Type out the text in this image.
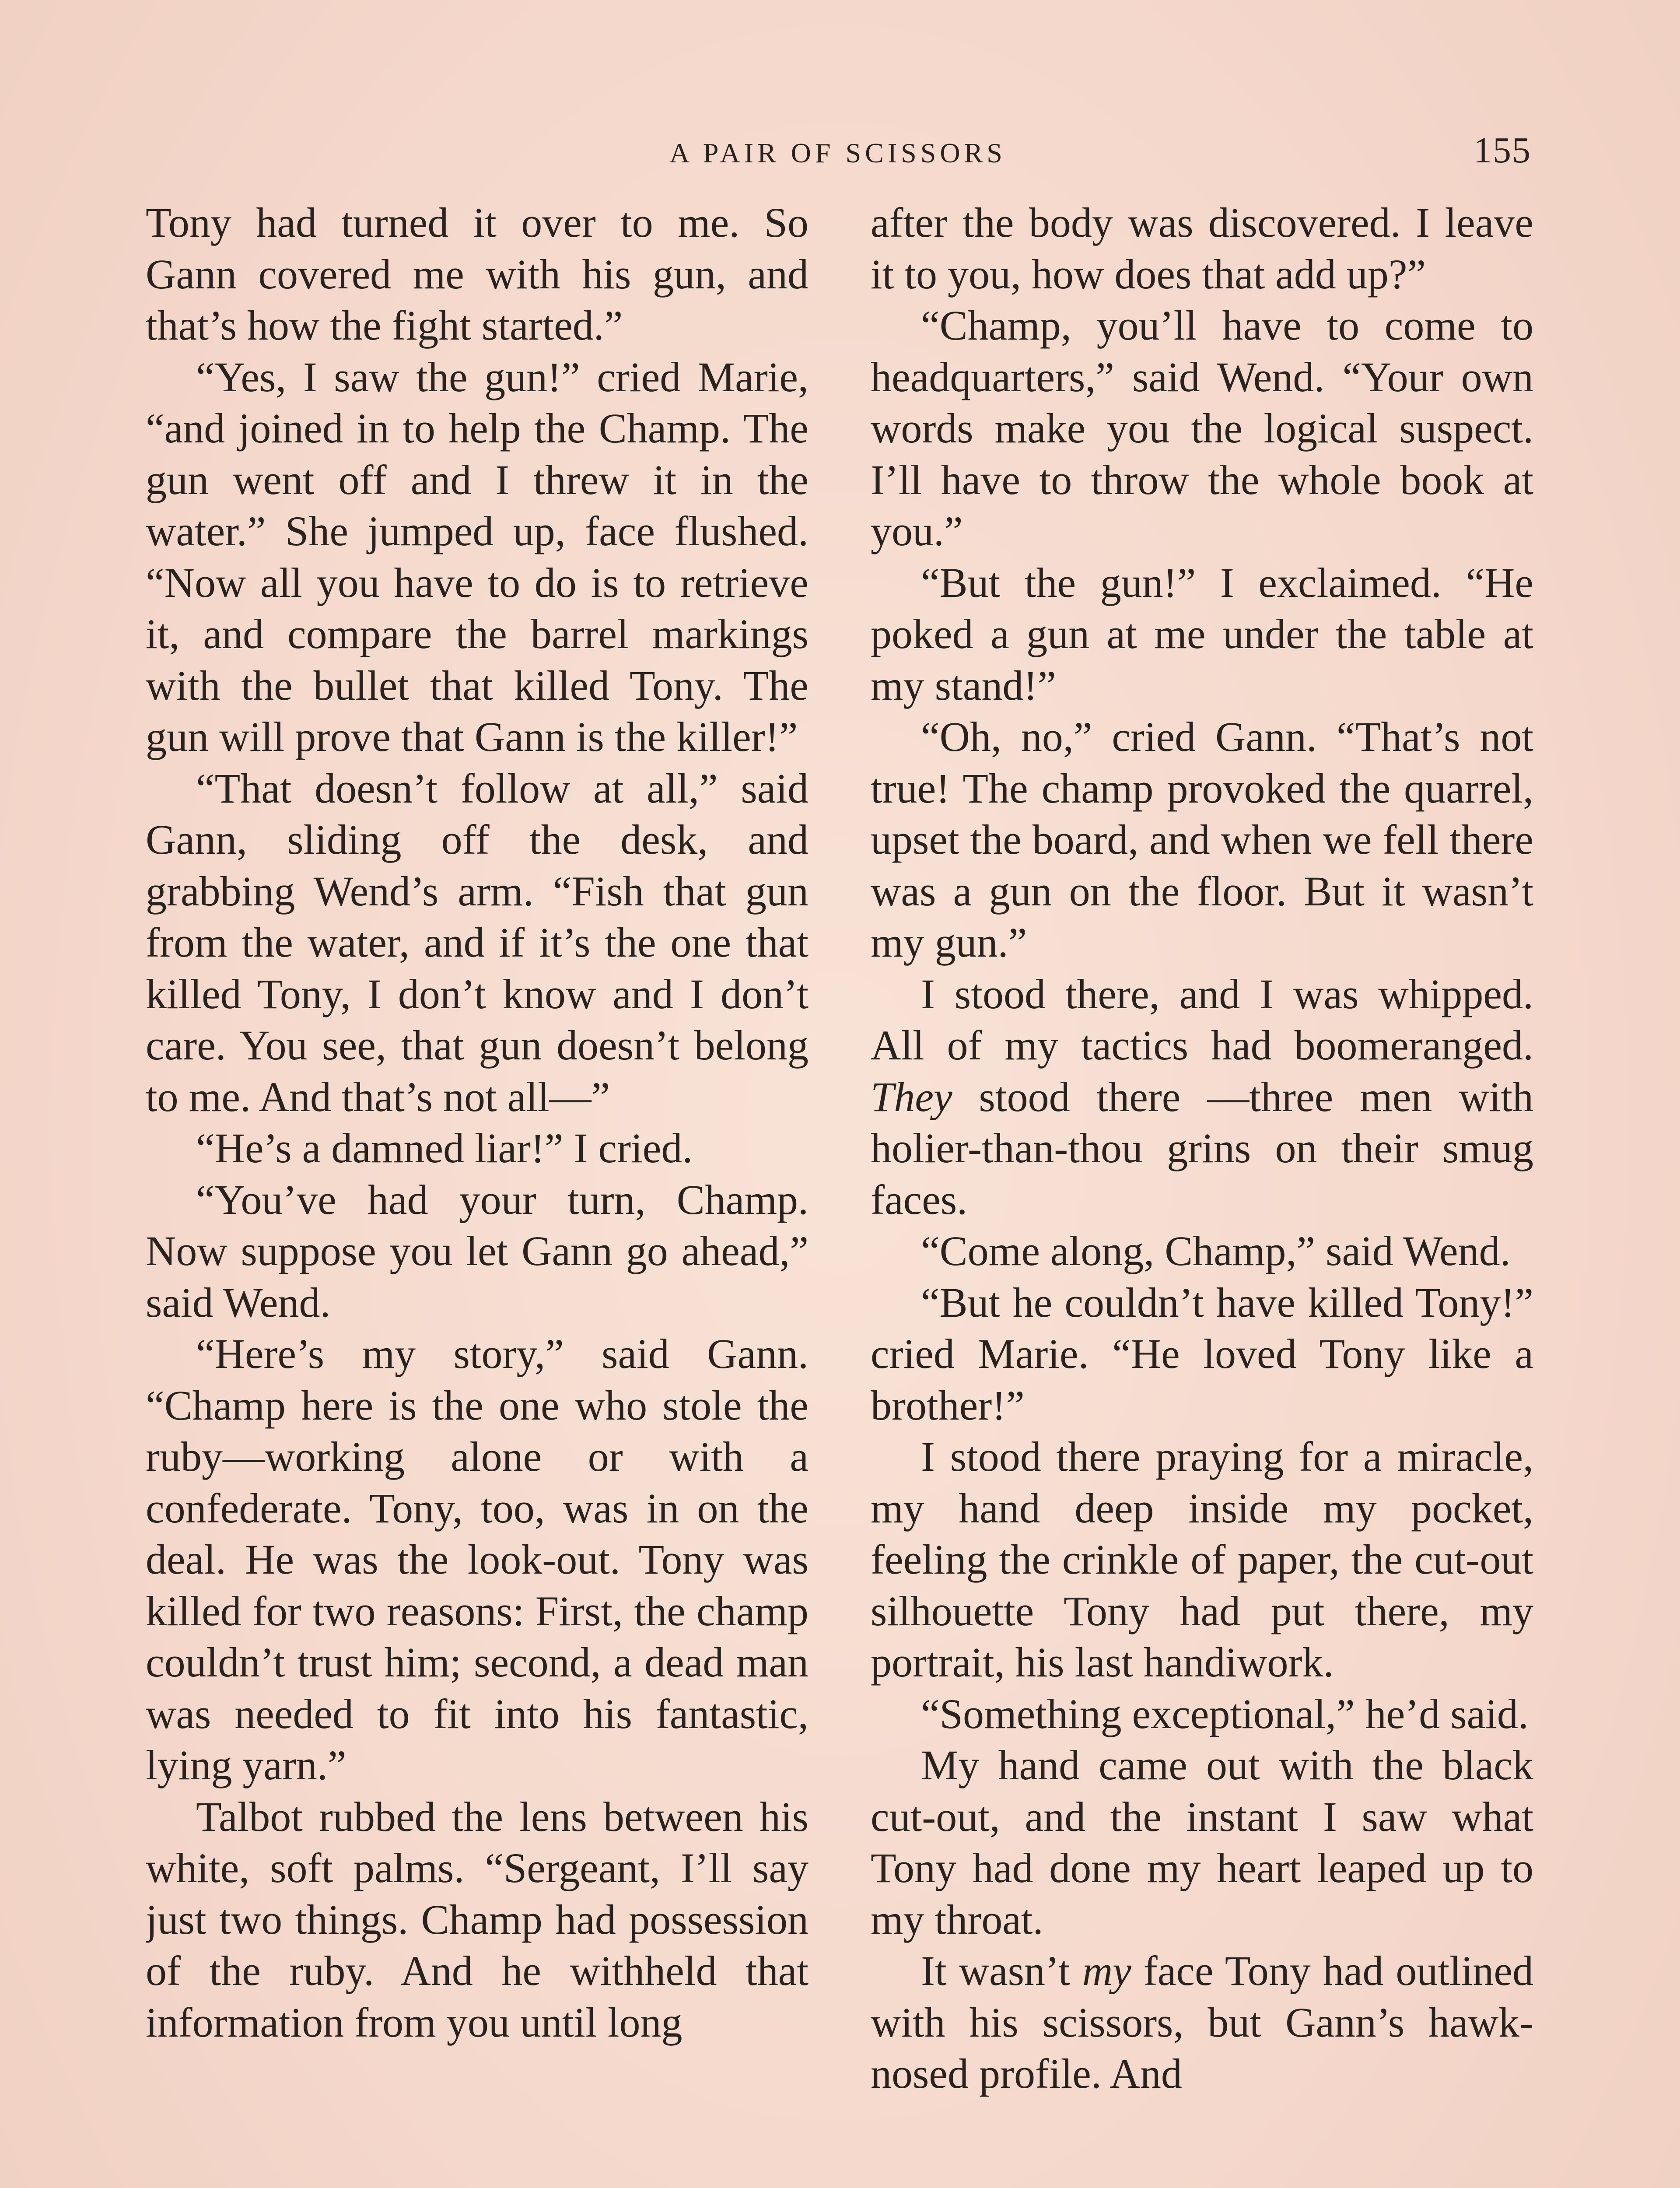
A PAIR OF SCISSORS	155

Tony had turned it over to me. So Gann covered me with his gun, and that’s how the fight started.”

“Yes, I saw the gun!” cried Marie, “and joined in to help the Champ. The gun went off and I threw it in the water.” She jumped up, face flushed. “Now all you have to do is to retrieve it, and compare the barrel markings with the bullet that killed Tony. The gun will prove that Gann is the killer!”

“That doesn’t follow at all,” said Gann, sliding off the desk, and grabbing Wend’s arm. “Fish that gun from the water, and if it’s the one that killed Tony, I don’t know and I don’t care. You see, that gun doesn’t belong to me. And that’s not all—”

“He’s a damned liar!” I cried.

“You’ve had your turn, Champ. Now suppose you let Gann go ahead,” said Wend.

“Here’s my story,” said Gann. “Champ here is the one who stole the ruby—working alone or with a confederate. Tony, too, was in on the deal. He was the look-out. Tony was killed for two reasons: First, the champ couldn’t trust him; second, a dead man was needed to fit into his fantastic, lying yarn.”

Talbot rubbed the lens between his white, soft palms. “Sergeant, I’ll say just two things. Champ had possession of the ruby. And he withheld that information from you until long

after the body was discovered. I leave it to you, how does that add up?”

“Champ, you’ll have to come to headquarters,” said Wend. “Your own words make you the logical suspect. I’ll have to throw the whole book at you.”

“But the gun!” I exclaimed. “He poked a gun at me under the table at my stand!”

“Oh, no,” cried Gann. “That’s not true! The champ provoked the quarrel, upset the board, and when we fell there was a gun on the floor. But it wasn’t my gun.”

I stood there, and I was whipped. All of my tactics had boomeranged. They stood there —three men with holier-than-thou grins on their smug faces.

“Come along, Champ,” said Wend.

“But he couldn’t have killed Tony!” cried Marie. “He loved Tony like a brother!”

I stood there praying for a miracle, my hand deep inside my pocket, feeling the crinkle of paper, the cut-out silhouette Tony had put there, my portrait, his last handiwork.

“Something exceptional,” he’d said.

My hand came out with the black cut-out, and the instant I saw what Tony had done my heart leaped up to my throat.

It wasn’t my face Tony had outlined with his scissors, but Gann’s hawk-nosed profile. And
